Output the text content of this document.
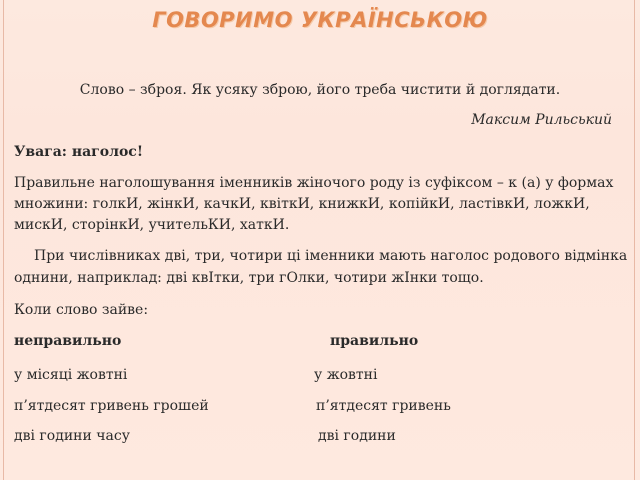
ГОВОРИМО УКРАЇНСЬКОЮ
Слово – зброя. Як усяку зброю, його треба чистити й доглядати.
Максим Рильський
Увага: наголос!
Правильне наголошування іменників жіночого роду із суфіксом – к (а) у формах
множини: голкИ, жінкИ, качкИ, квіткИ, книжкИ, копійкИ, ластівкИ, ложкИ,
мискИ, сторінкИ, учительКИ, хаткИ.
При числівниках дві, три, чотири ці іменники мають наголос родового відмінка
однини, наприклад: дві квІтки, три гОлки, чотири жІнки тощо.
Коли слово зайве:
неправильно	правильно
у місяці жовтні	у жовтні
п’ятдесят гривень грошей	п’ятдесят гривень
дві години часу	дві години
